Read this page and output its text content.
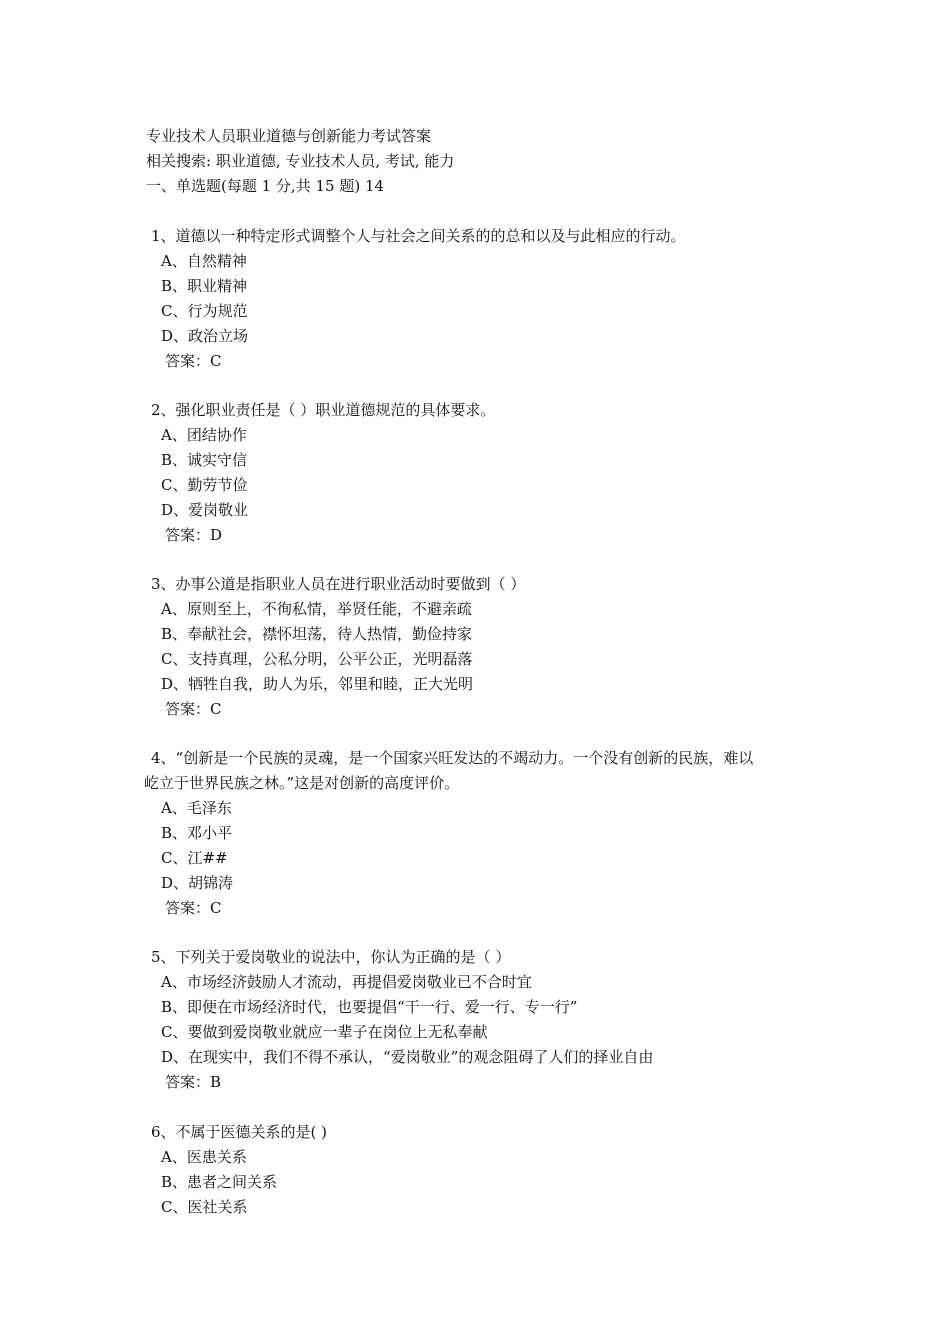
专业技术人员职业道德与创新能力考试答案
相关搜索: 职业道德, 专业技术人员, 考试, 能力
一、单选题(每题 1 分,共 15 题) 14
1、道德以一种特定形式调整个人与社会之间关系的的总和以及与此相应的行动。
A、自然精神
B、职业精神
C、行为规范
D、政治立场
答案：C
2、强化职业责任是（ ）职业道德规范的具体要求。
A、团结协作
B、诚实守信
C、勤劳节俭
D、爱岗敬业
答案：D
3、办事公道是指职业人员在进行职业活动时要做到（ ）
A、原则至上，不徇私情，举贤任能，不避亲疏
B、奉献社会，襟怀坦荡，待人热情，勤俭持家
C、支持真理，公私分明，公平公正，光明磊落
D、牺牲自我，助人为乐，邻里和睦，正大光明
答案：C
4、“创新是一个民族的灵魂，是一个国家兴旺发达的不竭动力。一个没有创新的民族，难以
屹立于世界民族之林。”这是对创新的高度评价。
A、毛泽东
B、邓小平
C、江##
D、胡锦涛
答案：C
5、下列关于爱岗敬业的说法中，你认为正确的是（ ）
A、市场经济鼓励人才流动，再提倡爱岗敬业已不合时宜
B、即便在市场经济时代，也要提倡“干一行、爱一行、专一行”
C、要做到爱岗敬业就应一辈子在岗位上无私奉献
D、在现实中，我们不得不承认，“爱岗敬业”的观念阻碍了人们的择业自由
答案：B
6、不属于医德关系的是( )
A、医患关系
B、患者之间关系
C、医社关系
